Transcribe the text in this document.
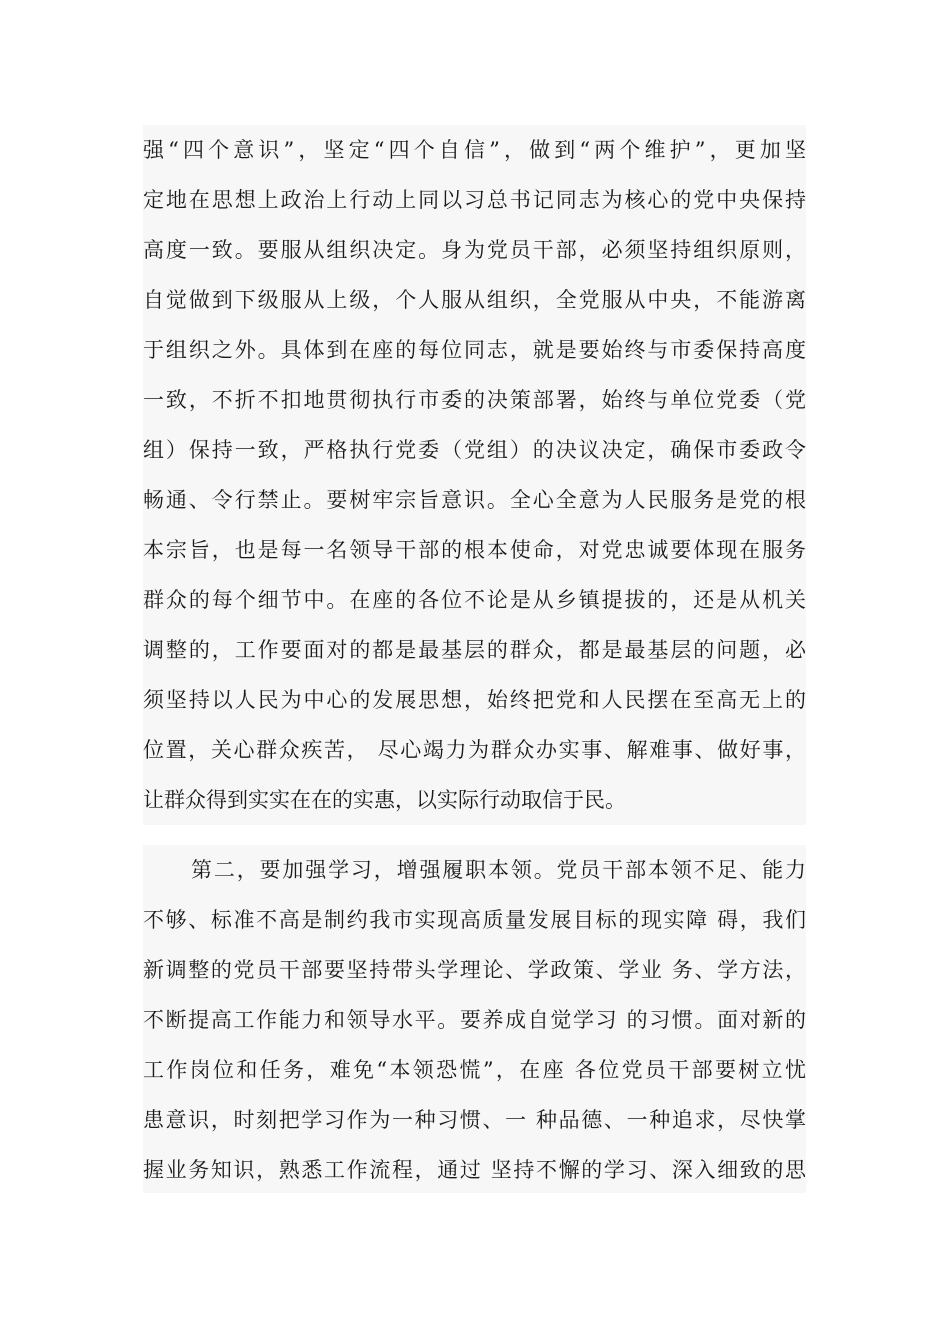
强“四个意识”，坚定“四个自信”，做到“两个维护”，更加坚
定地在思想上政治上行动上同以习总书记同志为核心的党中央保持
高度一致。要服从组织决定。身为党员干部，必须坚持组织原则，
自觉做到下级服从上级，个人服从组织，全党服从中央，不能游离
于组织之外。具体到在座的每位同志，就是要始终与市委保持高度
一致，不折不扣地贯彻执行市委的决策部署，始终与单位党委（党
组）保持一致，严格执行党委（党组）的决议决定，确保市委政令
畅通、令行禁止。要树牢宗旨意识。全心全意为人民服务是党的根
本宗旨，也是每一名领导干部的根本使命，对党忠诚要体现在服务
群众的每个细节中。在座的各位不论是从乡镇提拔的，还是从机关
调整的，工作要面对的都是最基层的群众，都是最基层的问题，必
须坚持以人民为中心的发展思想，始终把党和人民摆在至高无上的
位置，关心群众疾苦， 尽心竭力为群众办实事、解难事、做好事，
让群众得到实实在在的实惠，以实际行动取信于民。
第二，要加强学习，增强履职本领。党员干部本领不足、能力
不够、标准不高是制约我市实现高质量发展目标的现实障 碍，我们
新调整的党员干部要坚持带头学理论、学政策、学业 务、学方法，
不断提高工作能力和领导水平。要养成自觉学习 的习惯。面对新的
工作岗位和任务，难免“本领恐慌”，在座 各位党员干部要树立忧
患意识，时刻把学习作为一种习惯、一 种品德、一种追求，尽快掌
握业务知识，熟悉工作流程，通过 坚持不懈的学习、深入细致的思
